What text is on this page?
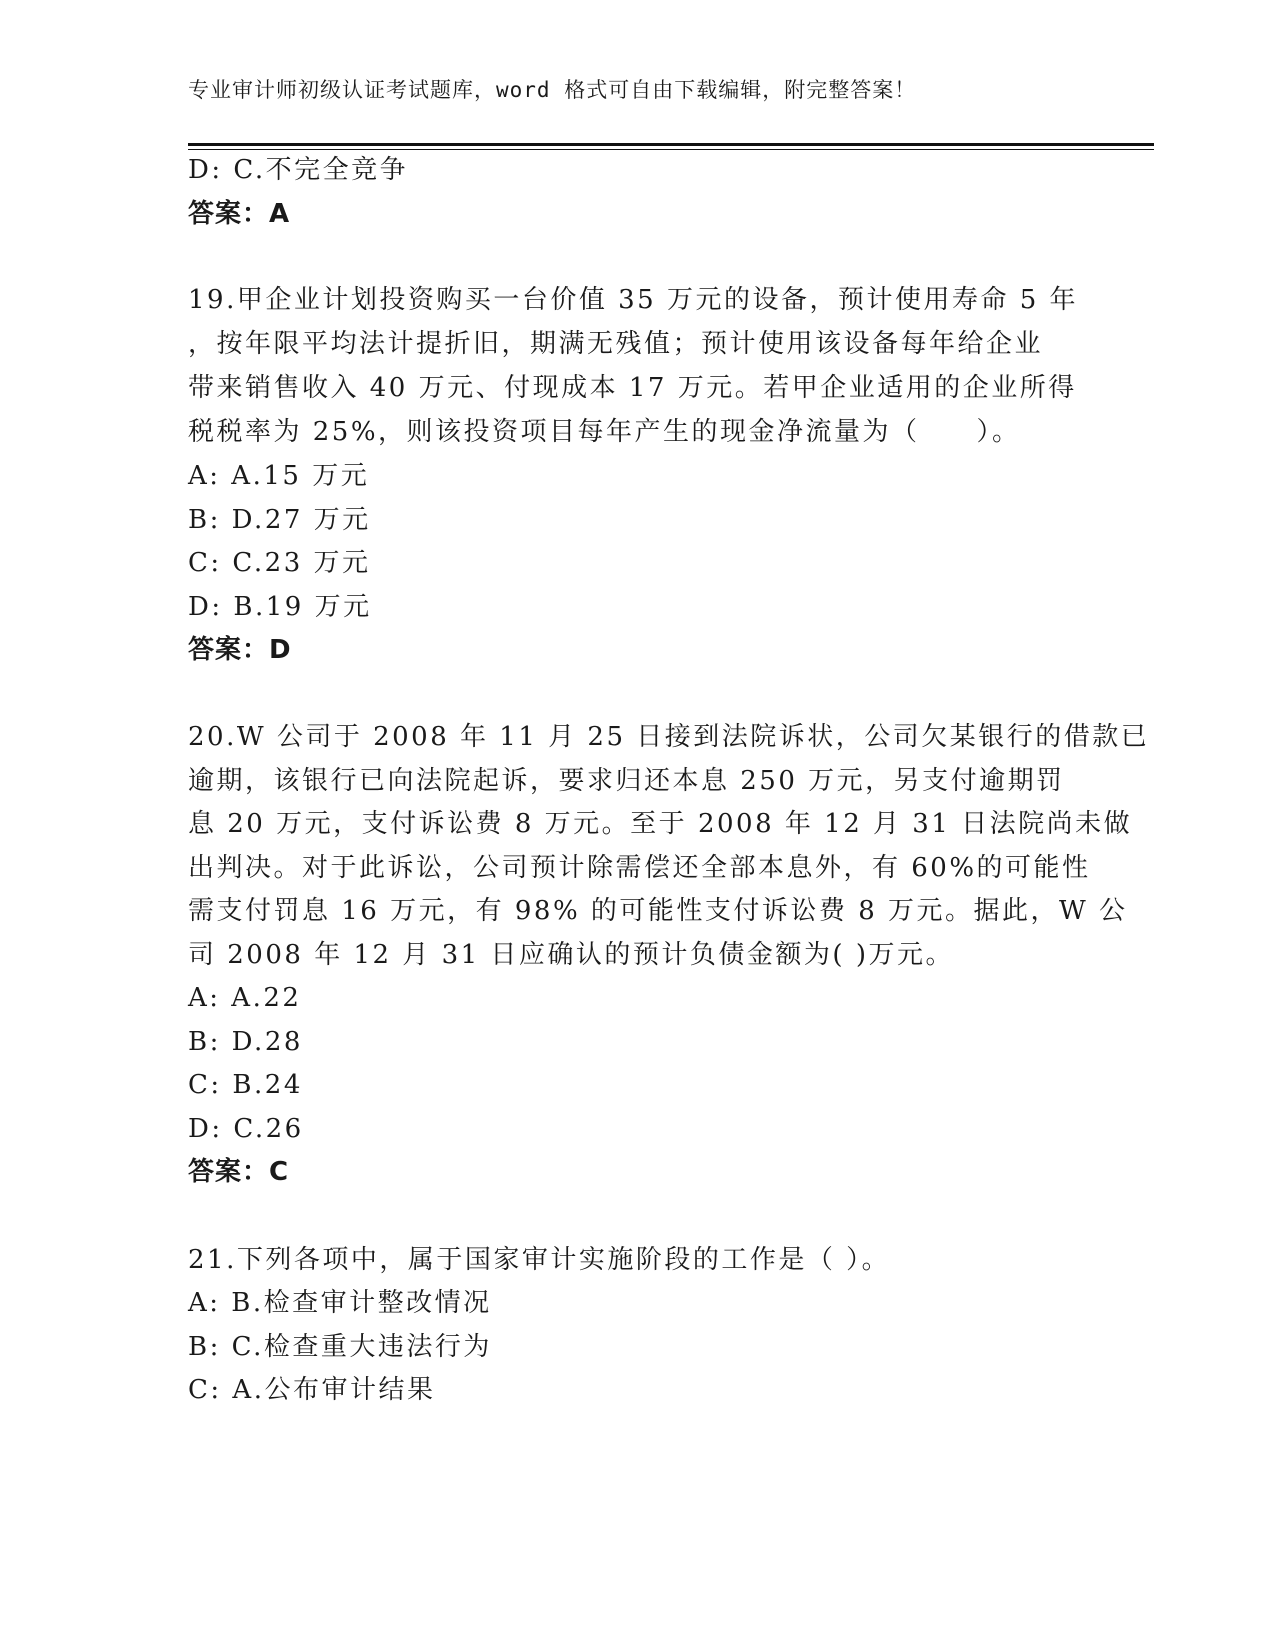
专业审计师初级认证考试题库，word 格式可自由下载编辑，附完整答案！
D: C.不完全竞争
答案：A
19.甲企业计划投资购买一台价值 35 万元的设备，预计使用寿命 5 年
，按年限平均法计提折旧，期满无残值；预计使用该设备每年给企业
带来销售收入 40 万元、付现成本 17 万元。若甲企业适用的企业所得
税税率为 25%，则该投资项目每年产生的现金净流量为（　　）。
A: A.15 万元
B: D.27 万元
C: C.23 万元
D: B.19 万元
答案：D
20.W 公司于 2008 年 11 月 25 日接到法院诉状，公司欠某银行的借款已
逾期，该银行已向法院起诉，要求归还本息 250 万元，另支付逾期罚
息 20 万元，支付诉讼费 8 万元。至于 2008 年 12 月 31 日法院尚未做
出判决。对于此诉讼，公司预计除需偿还全部本息外，有 60%的可能性
需支付罚息 16 万元，有 98% 的可能性支付诉讼费 8 万元。据此，W 公
司 2008 年 12 月 31 日应确认的预计负债金额为( )万元。
A: A.22
B: D.28
C: B.24
D: C.26
答案：C
21.下列各项中，属于国家审计实施阶段的工作是（ ）。
A: B.检查审计整改情况
B: C.检查重大违法行为
C: A.公布审计结果
